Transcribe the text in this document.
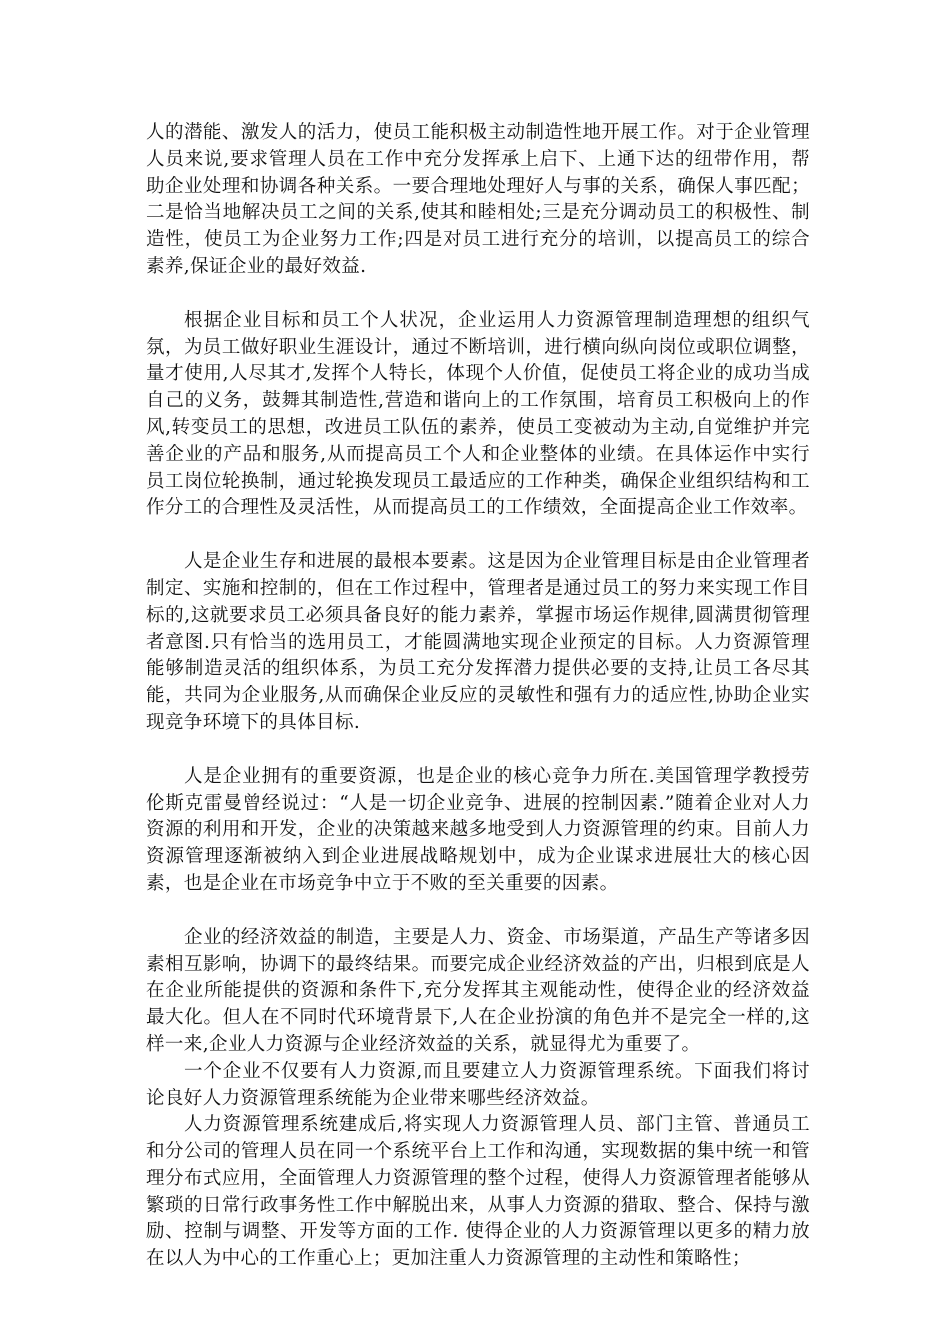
人的潜能、激发人的活力，使员工能积极主动制造性地开展工作。对于企业管理人员来说,要求管理人员在工作中充分发挥承上启下、上通下达的纽带作用，帮助企业处理和协调各种关系。一要合理地处理好人与事的关系，确保人事匹配；二是恰当地解决员工之间的关系,使其和睦相处;三是充分调动员工的积极性、制造性，使员工为企业努力工作;四是对员工进行充分的培训，以提高员工的综合素养,保证企业的最好效益.

根据企业目标和员工个人状况，企业运用人力资源管理制造理想的组织气氛，为员工做好职业生涯设计，通过不断培训，进行横向纵向岗位或职位调整，量才使用,人尽其才,发挥个人特长，体现个人价值，促使员工将企业的成功当成自己的义务，鼓舞其制造性,营造和谐向上的工作氛围，培育员工积极向上的作风,转变员工的思想，改进员工队伍的素养，使员工变被动为主动,自觉维护并完善企业的产品和服务,从而提高员工个人和企业整体的业绩。在具体运作中实行员工岗位轮换制，通过轮换发现员工最适应的工作种类，确保企业组织结构和工作分工的合理性及灵活性，从而提高员工的工作绩效，全面提高企业工作效率。

人是企业生存和进展的最根本要素。这是因为企业管理目标是由企业管理者制定、实施和控制的，但在工作过程中，管理者是通过员工的努力来实现工作目标的,这就要求员工必须具备良好的能力素养，掌握市场运作规律,圆满贯彻管理者意图.只有恰当的选用员工，才能圆满地实现企业预定的目标。人力资源管理能够制造灵活的组织体系，为员工充分发挥潜力提供必要的支持,让员工各尽其能，共同为企业服务,从而确保企业反应的灵敏性和强有力的适应性,协助企业实现竞争环境下的具体目标.

人是企业拥有的重要资源，也是企业的核心竞争力所在.美国管理学教授劳伦斯克雷曼曾经说过：“人是一切企业竞争、进展的控制因素.”随着企业对人力资源的利用和开发，企业的决策越来越多地受到人力资源管理的约束。目前人力资源管理逐渐被纳入到企业进展战略规划中，成为企业谋求进展壮大的核心因素，也是企业在市场竞争中立于不败的至关重要的因素。

企业的经济效益的制造，主要是人力、资金、市场渠道，产品生产等诸多因素相互影响，协调下的最终结果。而要完成企业经济效益的产出，归根到底是人在企业所能提供的资源和条件下,充分发挥其主观能动性，使得企业的经济效益最大化。但人在不同时代环境背景下,人在企业扮演的角色并不是完全一样的,这样一来,企业人力资源与企业经济效益的关系，就显得尤为重要了。

一个企业不仅要有人力资源,而且要建立人力资源管理系统。下面我们将讨论良好人力资源管理系统能为企业带来哪些经济效益。

人力资源管理系统建成后,将实现人力资源管理人员、部门主管、普通员工和分公司的管理人员在同一个系统平台上工作和沟通，实现数据的集中统一和管理分布式应用，全面管理人力资源管理的整个过程，使得人力资源管理者能够从繁琐的日常行政事务性工作中解脱出来，从事人力资源的猎取、整合、保持与激励、控制与调整、开发等方面的工作. 使得企业的人力资源管理以更多的精力放在以人为中心的工作重心上；更加注重人力资源管理的主动性和策略性；
